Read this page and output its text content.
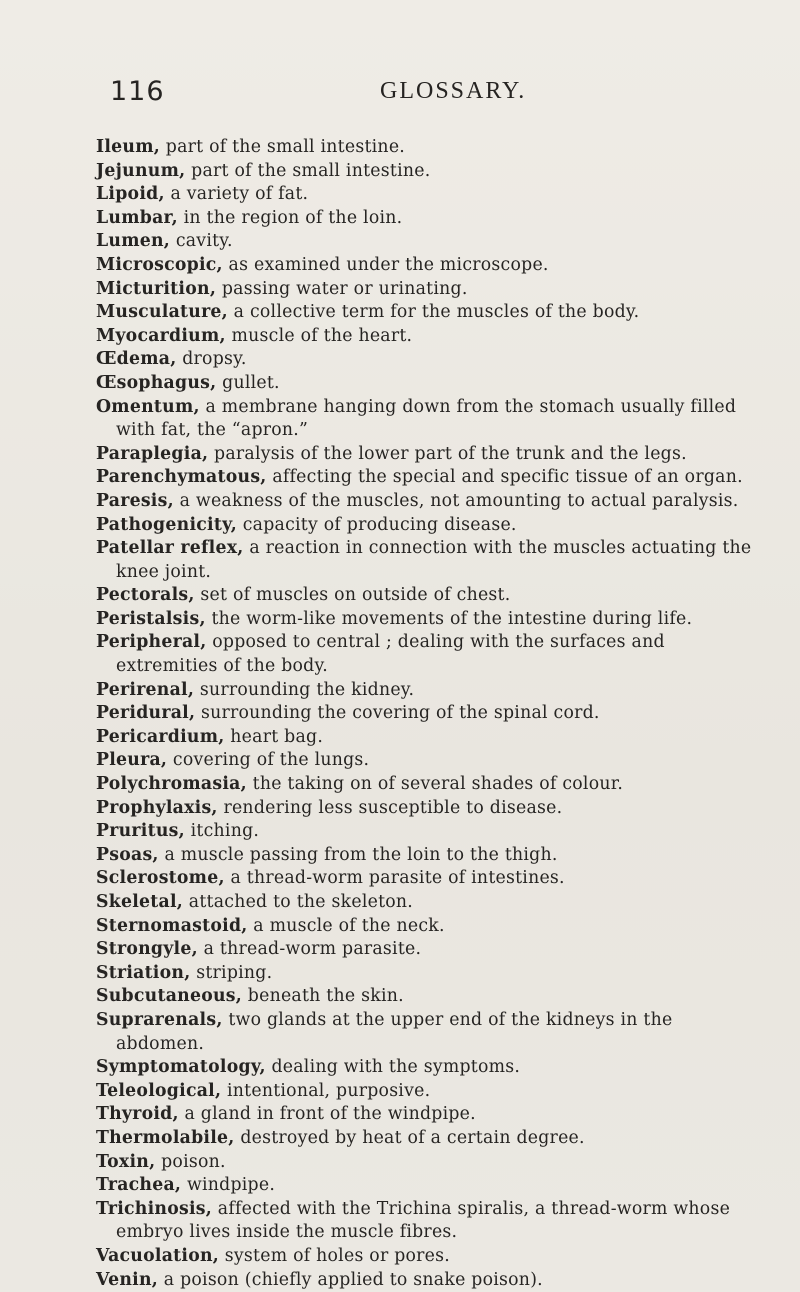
116	GLOSSARY.
Ileum, part of the small intestine.
Jejunum, part of the small intestine.
Lipoid, a variety of fat.
Lumbar, in the region of the loin.
Lumen, cavity.
Microscopic, as examined under the microscope.
Micturition, passing water or urinating.
Musculature, a collective term for the muscles of the body.
Myocardium, muscle of the heart.
Œdema, dropsy.
Œsophagus, gullet.
Omentum, a membrane hanging down from the stomach usually filled with fat, the “apron.”
Paraplegia, paralysis of the lower part of the trunk and the legs.
Parenchymatous, affecting the special and specific tissue of an organ.
Paresis, a weakness of the muscles, not amounting to actual paralysis.
Pathogenicity, capacity of producing disease.
Patellar reflex, a reaction in connection with the muscles actuating the knee joint.
Pectorals, set of muscles on outside of chest.
Peristalsis, the worm-like movements of the intestine during life.
Peripheral, opposed to central ; dealing with the surfaces and extremities of the body.
Perirenal, surrounding the kidney.
Peridural, surrounding the covering of the spinal cord.
Pericardium, heart bag.
Pleura, covering of the lungs.
Polychromasia, the taking on of several shades of colour.
Prophylaxis, rendering less susceptible to disease.
Pruritus, itching.
Psoas, a muscle passing from the loin to the thigh.
Sclerostome, a thread-worm parasite of intestines.
Skeletal, attached to the skeleton.
Sternomastoid, a muscle of the neck.
Strongyle, a thread-worm parasite.
Striation, striping.
Subcutaneous, beneath the skin.
Suprarenals, two glands at the upper end of the kidneys in the abdomen.
Symptomatology, dealing with the symptoms.
Teleological, intentional, purposive.
Thyroid, a gland in front of the windpipe.
Thermolabile, destroyed by heat of a certain degree.
Toxin, poison.
Trachea, windpipe.
Trichinosis, affected with the Trichina spiralis, a thread-worm whose embryo lives inside the muscle fibres.
Vacuolation, system of holes or pores.
Venin, a poison (chiefly applied to snake poison).
